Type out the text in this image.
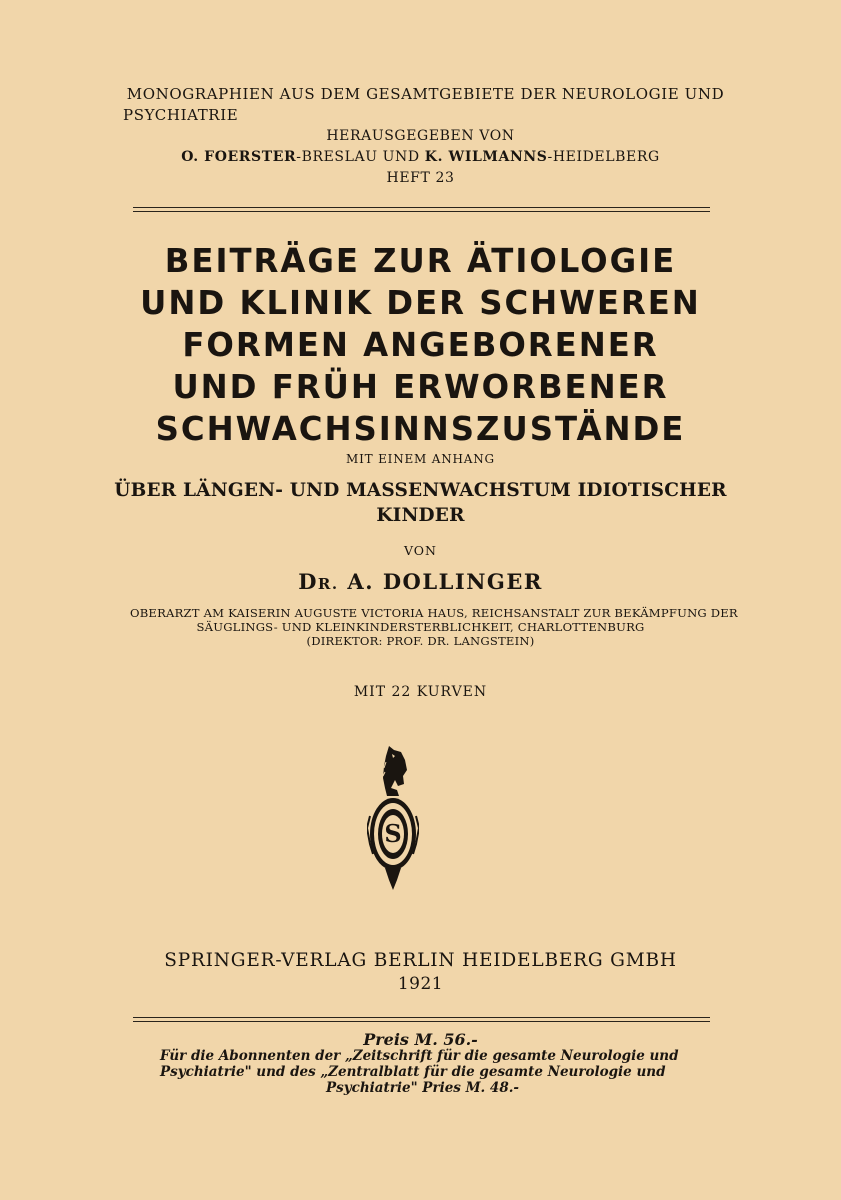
MONOGRAPHIEN AUS DEM GESAMTGEBIETE DER NEUROLOGIE UND
PSYCHIATRIE
HERAUSGEGEBEN VON
O. FOERSTER-BRESLAU UND K. WILMANNS-HEIDELBERG
HEFT 23
BEITRÄGE ZUR ÄTIOLOGIE
UND KLINIK DER SCHWEREN
FORMEN ANGEBORENER
UND FRÜH ERWORBENER
SCHWACHSINNSZUSTÄNDE
MIT EINEM ANHANG
ÜBER LÄNGEN- UND MASSENWACHSTUM IDIOTISCHER
KINDER
VON
DR. A. DOLLINGER
OBERARZT AM KAISERIN AUGUSTE VICTORIA HAUS, REICHSANSTALT ZUR BEKÄMPFUNG DER
SÄUGLINGS- UND KLEINKINDERSTERBLICHKEIT, CHARLOTTENBURG
(DIREKTOR: PROF. DR. LANGSTEIN)
MIT 22 KURVEN
S
SPRINGER-VERLAG BERLIN HEIDELBERG GMBH
1921
Preis M. 56.-
Für die Abonnenten der „Zeitschrift für die gesamte Neurologie und
Psychiatrie" und des „Zentralblatt für die gesamte Neurologie und
Psychiatrie" Pries M. 48.-
